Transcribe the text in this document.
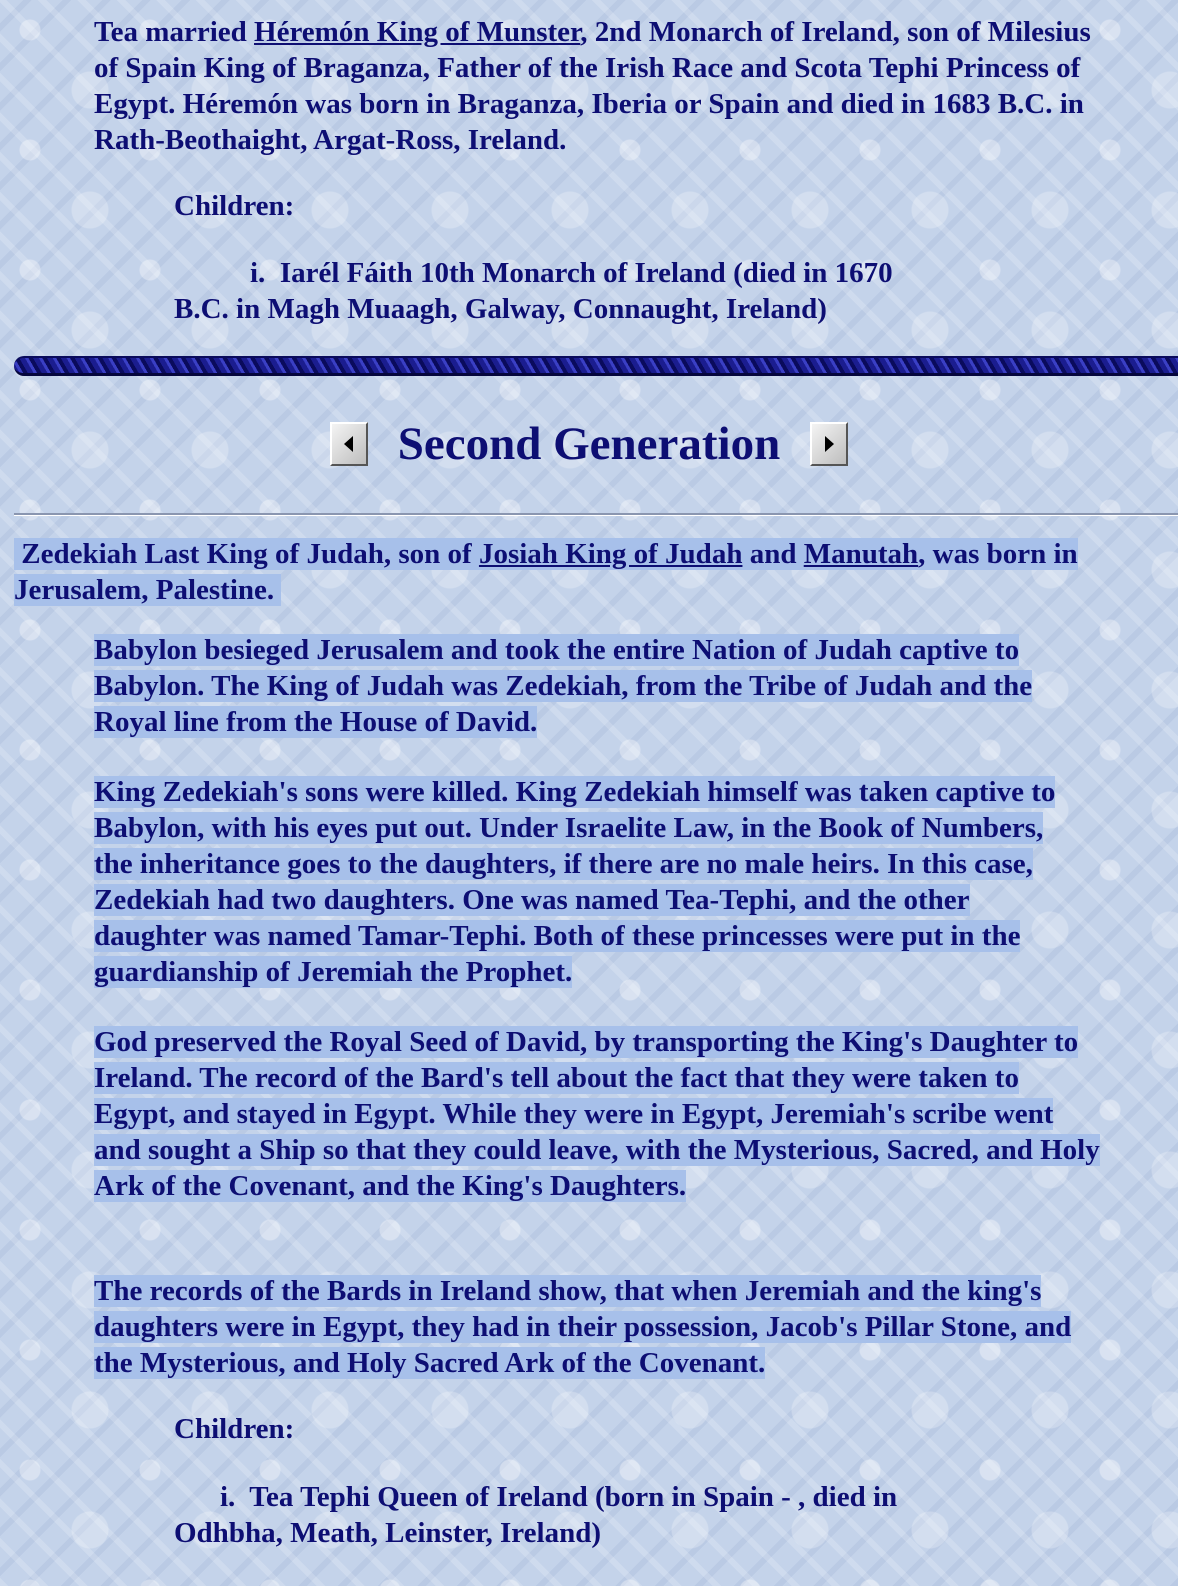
Tea married Héremón King of Munster, 2nd Monarch of Ireland, son of Milesius of Spain King of Braganza, Father of the Irish Race and Scota Tephi Princess of Egypt. Héremón was born in Braganza, Iberia or Spain and died in 1683 B.C. in Rath-Beothaight, Argat-Ross, Ireland.

Children:

i. Iarél Fáith 10th Monarch of Ireland (died in 1670

B.C. in Magh Muaagh, Galway, Connaught, Ireland)

Second Generation

Zedekiah Last King of Judah, son of Josiah King of Judah and Manutah, was born in Jerusalem, Palestine.

Babylon besieged Jerusalem and took the entire Nation of Judah captive to Babylon. The King of Judah was Zedekiah, from the Tribe of Judah and the Royal line from the House of David.

King Zedekiah's sons were killed. King Zedekiah himself was taken captive to Babylon, with his eyes put out. Under Israelite Law, in the Book of Numbers, the inheritance goes to the daughters, if there are no male heirs. In this case, Zedekiah had two daughters. One was named Tea-Tephi, and the other daughter was named Tamar-Tephi. Both of these princesses were put in the guardianship of Jeremiah the Prophet.

God preserved the Royal Seed of David, by transporting the King's Daughter to Ireland. The record of the Bard's tell about the fact that they were taken to Egypt, and stayed in Egypt. While they were in Egypt, Jeremiah's scribe went and sought a Ship so that they could leave, with the Mysterious, Sacred, and Holy Ark of the Covenant, and the King's Daughters.

The records of the Bards in Ireland show, that when Jeremiah and the king's daughters were in Egypt, they had in their possession, Jacob's Pillar Stone, and the Mysterious, and Holy Sacred Ark of the Covenant.

Children:

i. Tea Tephi Queen of Ireland (born in Spain - , died in

Odhbha, Meath, Leinster, Ireland)
